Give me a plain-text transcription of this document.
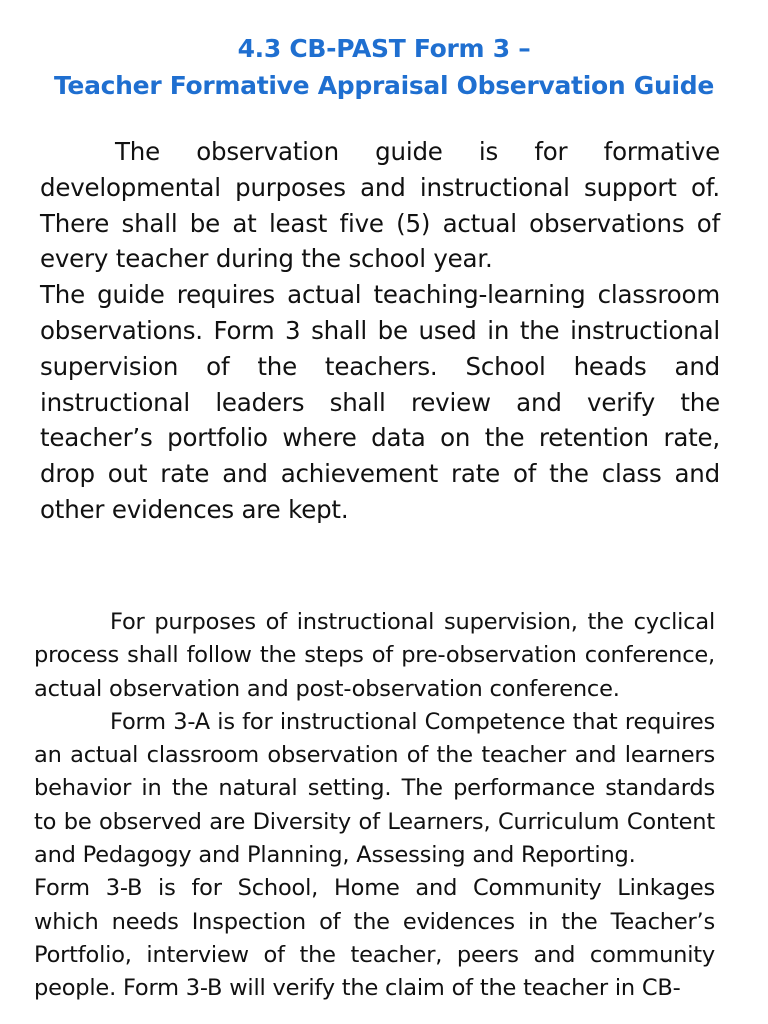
4.3 CB-PAST Form 3 –
Teacher Formative Appraisal Observation Guide

The observation guide is for formative developmental purposes and instructional support of. There shall be at least five (5) actual observations of every teacher during the school year.

The guide requires actual teaching-learning classroom observations. Form 3 shall be used in the instructional supervision of the teachers. School heads and instructional leaders shall review and verify the teacher’s portfolio where data on the retention rate, drop out rate and achievement rate of the class and other evidences are kept.

For purposes of instructional supervision, the cyclical process shall follow the steps of pre-observation conference, actual observation and post-observation conference.

Form 3-A is for instructional Competence that requires an actual classroom observation of the teacher and learners behavior in the natural setting. The performance standards to be observed are Diversity of Learners, Curriculum Content and Pedagogy and Planning, Assessing and Reporting.

Form 3-B is for School, Home and Community Linkages which needs Inspection of the evidences in the Teacher’s Portfolio, interview of the teacher, peers and community people. Form 3-B will verify the claim of the teacher in CB-
